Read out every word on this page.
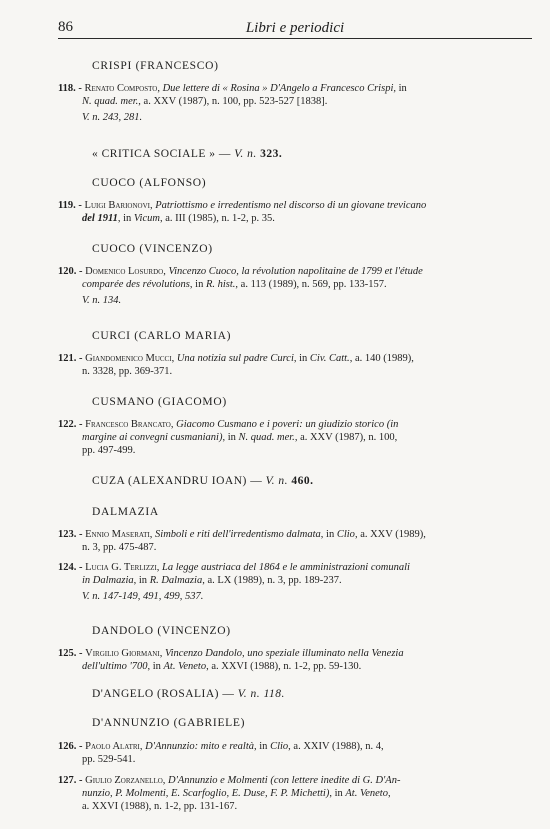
86	Libri e periodici
CRISPI (FRANCESCO)
118. - Renato Composto, Due lettere di « Rosina » D'Angelo a Francesco Crispi, in
N. quad. mer., a. XXV (1987), n. 100, pp. 523-527 [1838].
V. n. 243, 281.
« CRITICA SOCIALE » — V. n. 323.
CUOCO (ALFONSO)
119. - Luigi Barionovi, Patriottismo e irredentismo nel discorso di un giovane trevicano
del 1911, in Vicum, a. III (1985), n. 1-2, p. 35.
CUOCO (VINCENZO)
120. - Domenico Losurdo, Vincenzo Cuoco, la révolution napolitaine de 1799 et l'étude
comparée des révolutions, in R. hist., a. 113 (1989), n. 569, pp. 133-157.
V. n. 134.
CURCI (CARLO MARIA)
121. - Giandomenico Mucci, Una notizia sul padre Curci, in Civ. Catt., a. 140 (1989),
n. 3328, pp. 369-371.
CUSMANO (GIACOMO)
122. - Francesco Brancato, Giacomo Cusmano e i poveri: un giudizio storico (in
margine ai convegni cusmaniani), in N. quad. mer., a. XXV (1987), n. 100,
pp. 497-499.
CUZA (ALEXANDRU IOAN) — V. n. 460.
DALMAZIA
123. - Ennio Maserati, Simboli e riti dell'irredentismo dalmata, in Clio, a. XXV (1989),
n. 3, pp. 475-487.
124. - Lucia G. Terlizzi, La legge austriaca del 1864 e le amministrazioni comunali
in Dalmazia, in R. Dalmazia, a. LX (1989), n. 3, pp. 189-237.
V. n. 147-149, 491, 499, 537.
DANDOLO (VINCENZO)
125. - Virgilio Giormani, Vincenzo Dandolo, uno speziale illuminato nella Venezia
dell'ultimo '700, in At. Veneto, a. XXVI (1988), n. 1-2, pp. 59-130.
D'ANGELO (ROSALIA) — V. n. 118.
D'ANNUNZIO (GABRIELE)
126. - Paolo Alatri, D'Annunzio: mito e realtà, in Clio, a. XXIV (1988), n. 4,
pp. 529-541.
127. - Giulio Zorzanello, D'Annunzio e Molmenti (con lettere inedite di G. D'An-
nunzio, P. Molmenti, E. Scarfoglio, E. Duse, F. P. Michetti), in At. Veneto,
a. XXVI (1988), n. 1-2, pp. 131-167.
